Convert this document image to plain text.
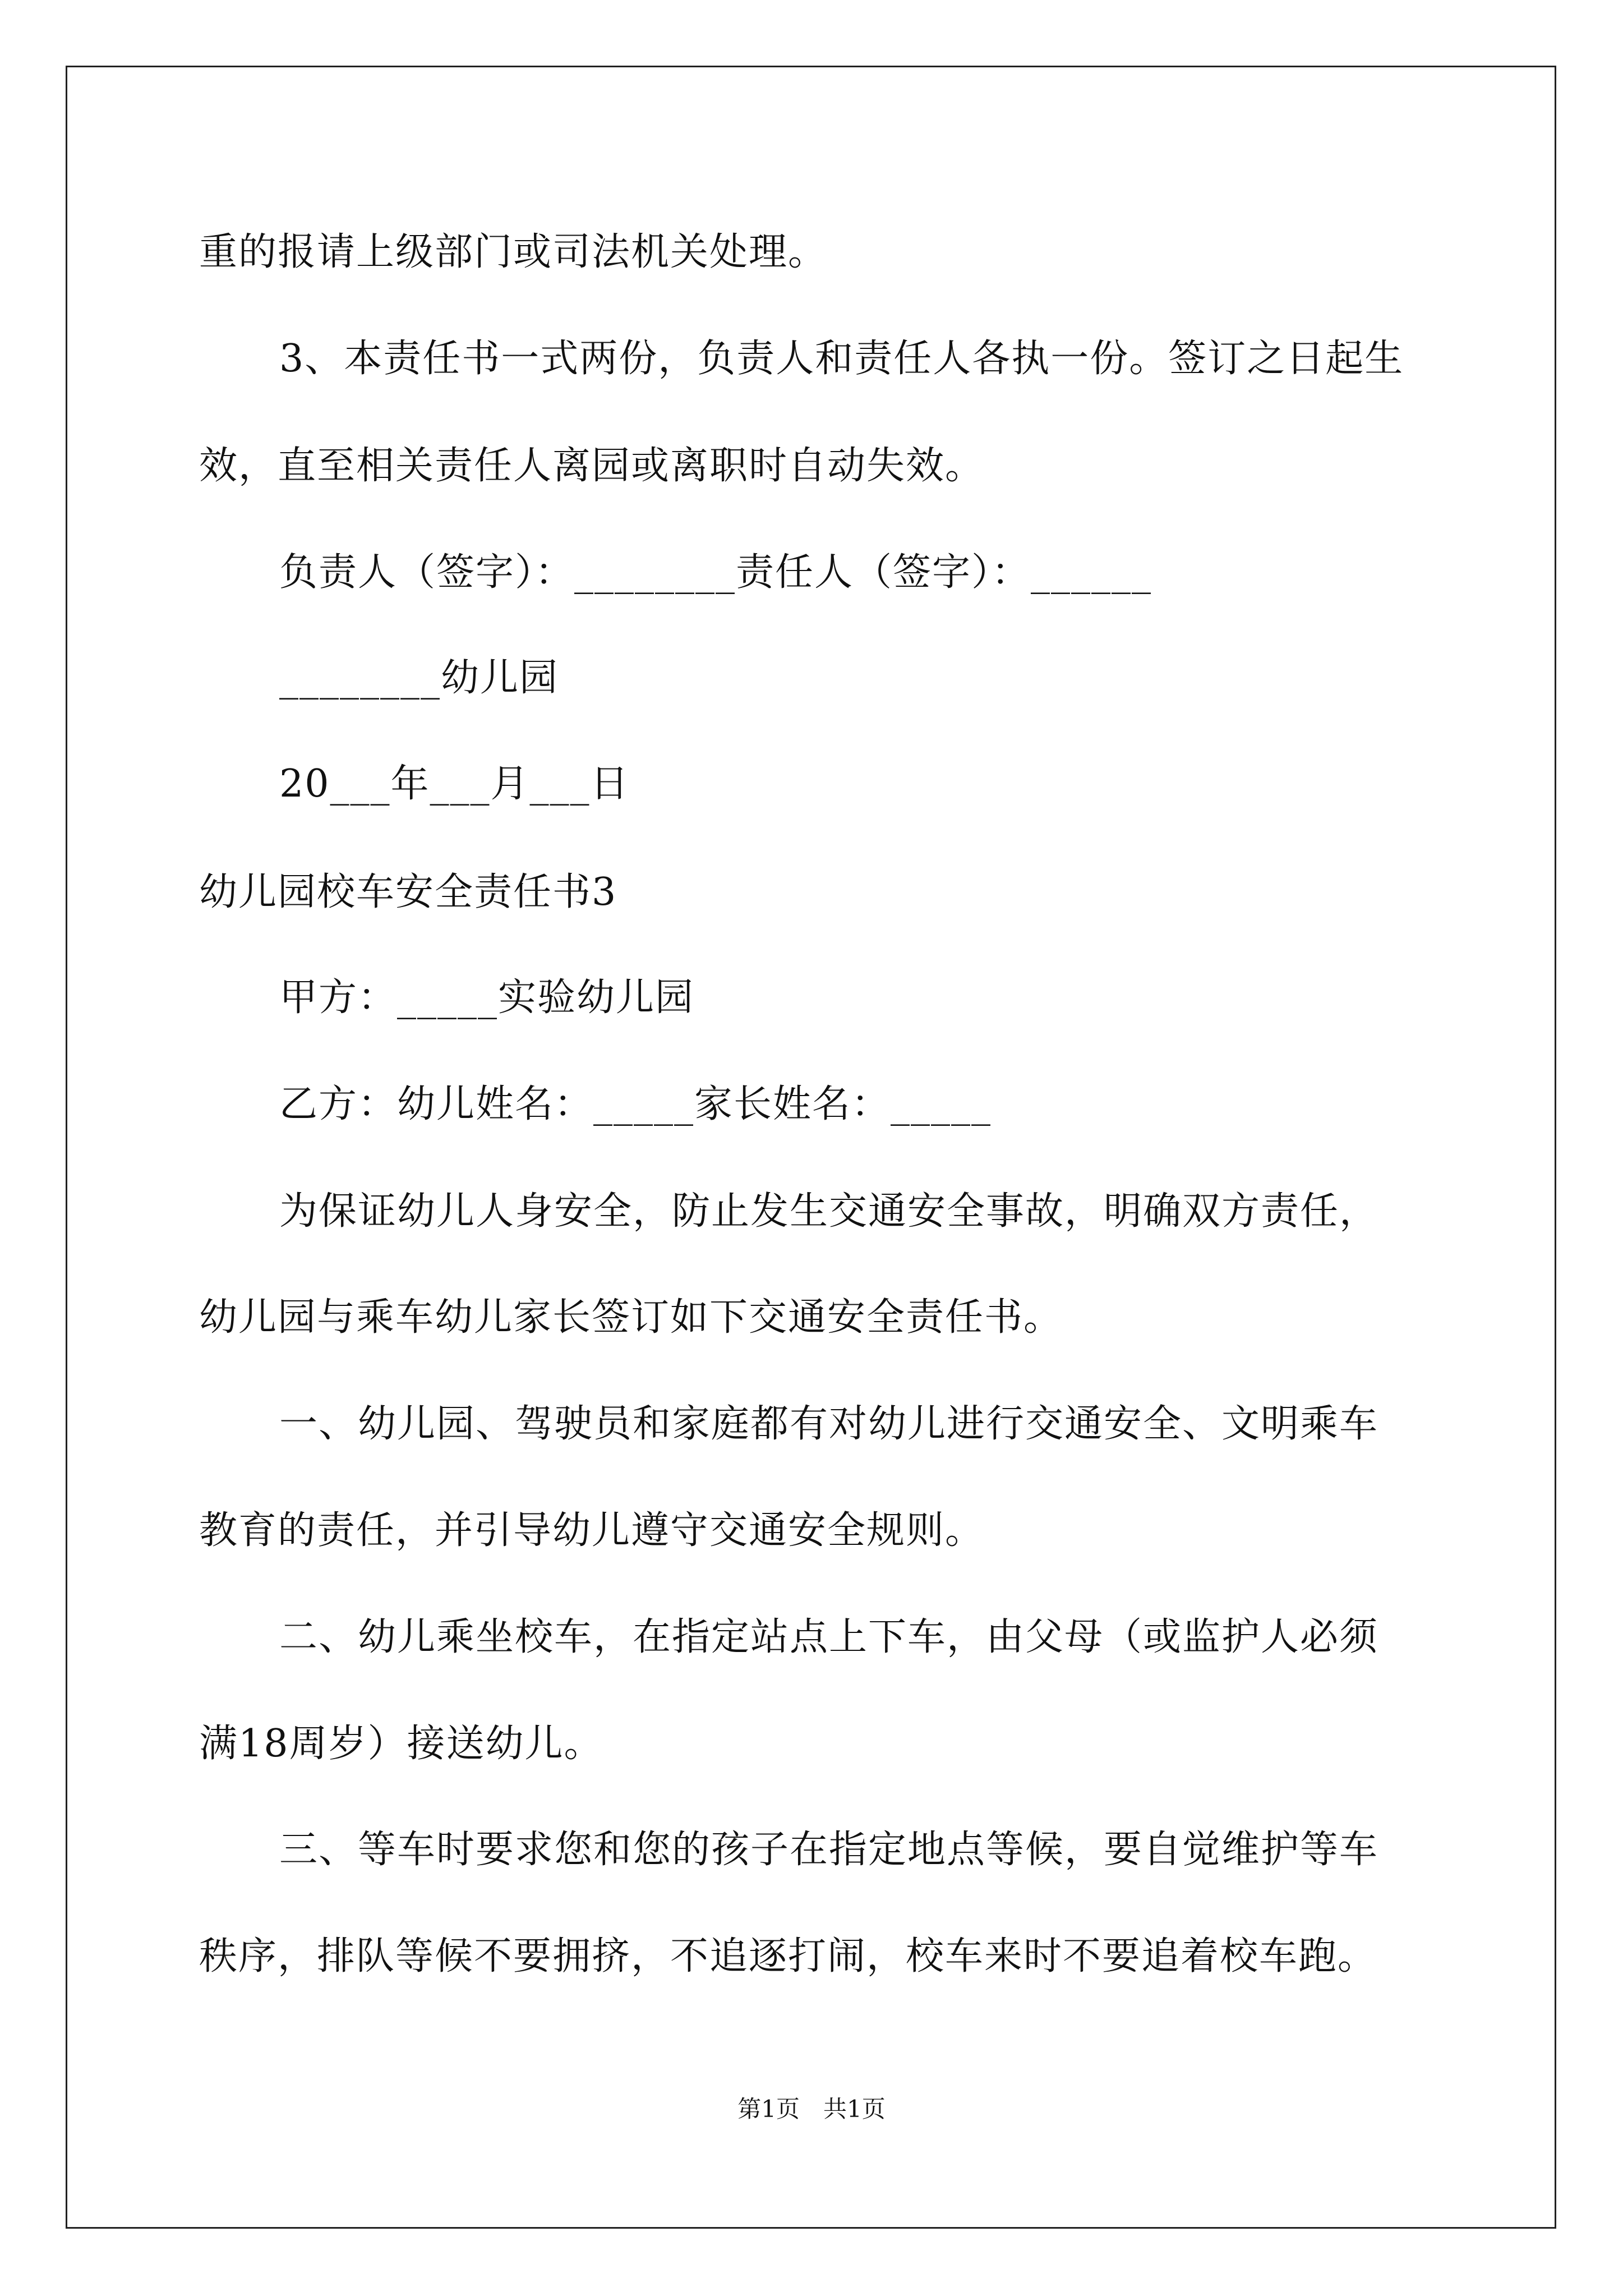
重的报请上级部门或司法机关处理。
3、本责任书一式两份，负责人和责任人各执一份。签订之日起生
效，直至相关责任人离园或离职时自动失效。
负责人（签字）：________责任人（签字）：______
________幼儿园
20___年___月___日
幼儿园校车安全责任书3
甲方：_____实验幼儿园
乙方：幼儿姓名：_____家长姓名：_____
为保证幼儿人身安全，防止发生交通安全事故，明确双方责任，
幼儿园与乘车幼儿家长签订如下交通安全责任书。
一、幼儿园、驾驶员和家庭都有对幼儿进行交通安全、文明乘车
教育的责任，并引导幼儿遵守交通安全规则。
二、幼儿乘坐校车，在指定站点上下车，由父母（或监护人必须
满18周岁）接送幼儿。
三、等车时要求您和您的孩子在指定地点等候，要自觉维护等车
秩序，排队等候不要拥挤，不追逐打闹，校车来时不要追着校车跑。
第1页　共1页
